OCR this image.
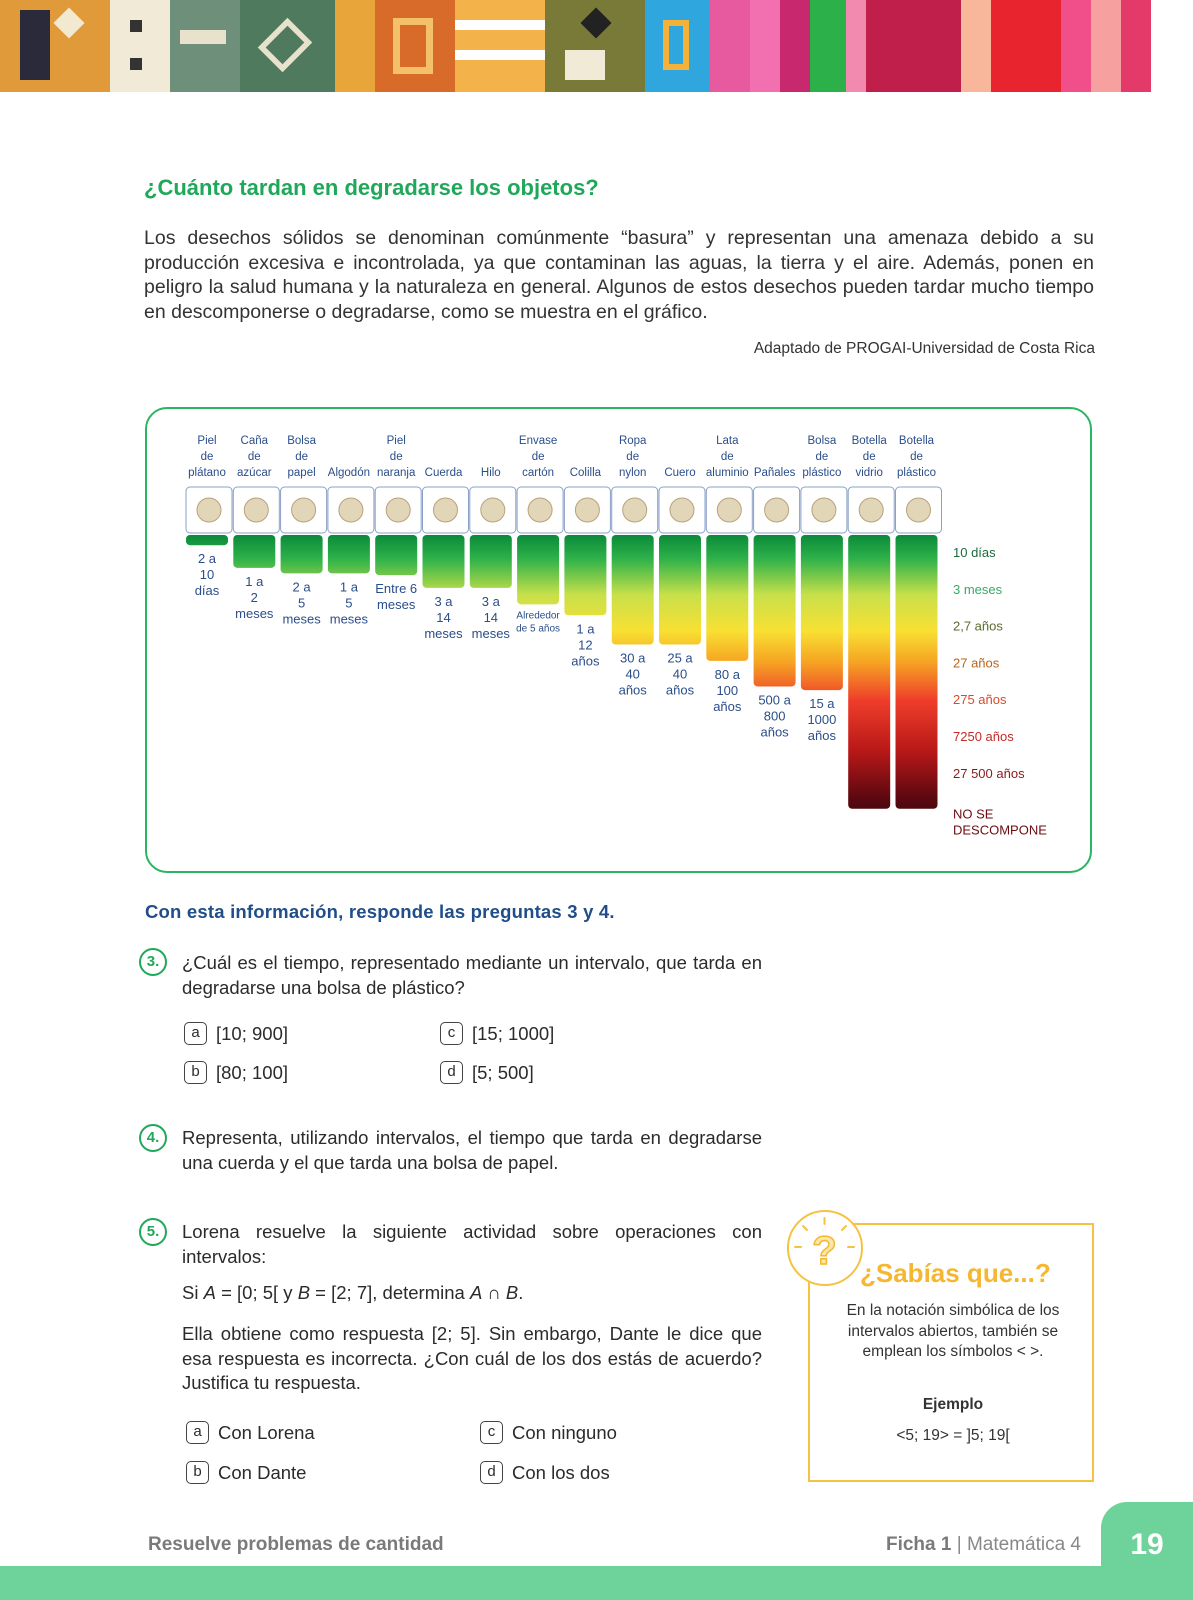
¿Cuánto tardan en degradarse los objetos?
Los desechos sólidos se denominan comúnmente “basura” y representan una amenaza debido a su producción excesiva e incontrolada, ya que contaminan las aguas, la tierra y el aire. Además, ponen en peligro la salud humana y la naturaleza en general. Algunos de estos desechos pueden tardar mucho tiempo en descomponerse o degradarse, como se muestra en el gráfico.
Adaptado de PROGAI-Universidad de Costa Rica
Piel de plátano
2 a 10 días
Caña de azúcar
1 a 2 meses
Bolsa de papel
2 a 5 meses
Algodón
1 a 5 meses
Piel de naranja
Entre 6 meses
Cuerda
3 a 14 meses
Hilo
3 a 14 meses
Envase de cartón
Alrededor de 5 años
Colilla
1 a 12 años
Ropa de nylon
30 a 40 años
Cuero
25 a 40 años
Lata de aluminio
80 a 100 años
Pañales
500 a 800 años
Bolsa de plástico
15 a 1000 años
Botella de vidrio
Botella de plástico
10 días
3 meses
2,7 años
27 años
275 años
7250 años
27 500 años
NO SE DESCOMPONE
Con esta información, responde las preguntas 3 y 4.
3.	¿Cuál es el tiempo, representado mediante un intervalo, que tarda en degradarse una bolsa de plástico?
a [10; 900]
b [80; 100]
c [15; 1000]
d [5; 500]
4.	Representa, utilizando intervalos, el tiempo que tarda en degradarse una cuerda y el que tarda una bolsa de papel.
5.	Lorena resuelve la siguiente actividad sobre operaciones con intervalos:
Si A = [0; 5[ y B = [2; 7], determina A ∩ B.
Ella obtiene como respuesta [2; 5]. Sin embargo, Dante le dice que esa respuesta es incorrecta. ¿Con cuál de los dos estás de acuerdo? Justifica tu respuesta.
a Con Lorena
b Con Dante
c Con ninguno
d Con los dos
? ¿Sabías que...?
En la notación simbólica de los intervalos abiertos, también se emplean los símbolos < >.
Ejemplo
<5; 19> = ]5; 19[
Resuelve problemas de cantidad	Ficha 1 | Matemática 4	19
